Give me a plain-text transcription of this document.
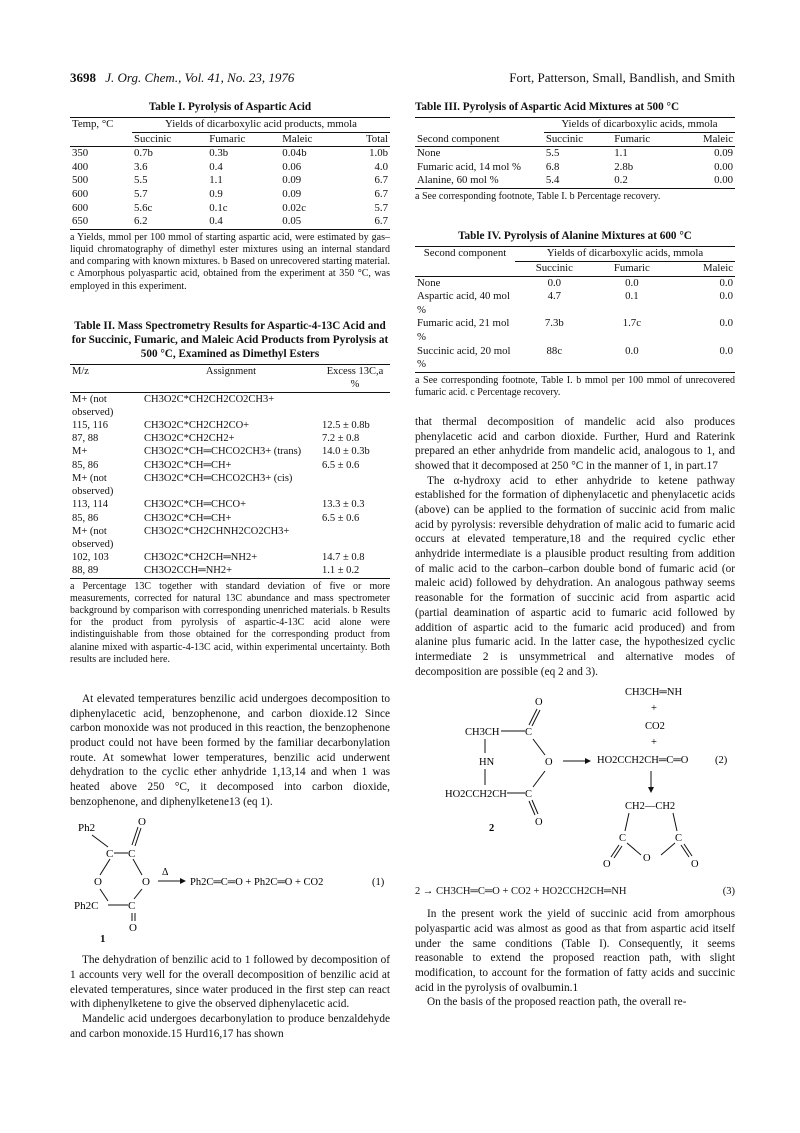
3698 J. Org. Chem., Vol. 41, No. 23, 1976	Fort, Patterson, Small, Bandlish, and Smith
Table I. Pyrolysis of Aspartic Acid
Temp, °C	Yields of dicarboxylic acid products, mmola			
	Succinic	Fumaric	Maleic	Total
350	0.7b	0.3b	0.04b	1.0b
400	3.6	0.4	0.06	4.0
500	5.5	1.1	0.09	6.7
600	5.7	0.9	0.09	6.7
600	5.6c	0.1c	0.02c	5.7
650	6.2	0.4	0.05	6.7
a Yields, mmol per 100 mmol of starting aspartic acid, were estimated by gas–liquid chromatography of dimethyl ester mixtures using an internal standard and comparing with known mixtures. b Based on unrecovered starting material. c Amorphous polyaspartic acid, obtained from the experiment at 350 °C, was employed in this experiment.
Table II. Mass Spectrometry Results for Aspartic-4-13C Acid and for Succinic, Fumaric, and Maleic Acid Products from Pyrolysis at 500 °C, Examined as Dimethyl Esters
M/z	Assignment	Excess 13C,a %
M+ (not observed)	CH3O2C*CH2CH2CO2CH3+	
115, 116	CH3O2C*CH2CH2CO+	12.5 ± 0.8b
87, 88	CH3O2C*CH2CH2+	7.2 ± 0.8
M+	CH3O2C*CH═CHCO2CH3+ (trans)	14.0 ± 0.3b
85, 86	CH3O2C*CH═CH+	6.5 ± 0.6
M+ (not observed)	CH3O2C*CH═CHCO2CH3+ (cis)	
113, 114	CH3O2C*CH═CHCO+	13.3 ± 0.3
85, 86	CH3O2C*CH═CH+	6.5 ± 0.6
M+ (not observed)	CH3O2C*CH2CHNH2CO2CH3+	
102, 103	CH3O2C*CH2CH═NH2+	14.7 ± 0.8
88, 89	CH3O2CCH═NH2+	1.1 ± 0.2
a Percentage 13C together with standard deviation of five or more measurements, corrected for natural 13C abundance and mass spectrometer background by comparison with corresponding unenriched materials. b Results for the product from pyrolysis of aspartic-4-13C acid alone were indistinguishable from those obtained for the corresponding product from alanine mixed with aspartic-4-13C acid, within experimental uncertainty. Both results are included here.

At elevated temperatures benzilic acid undergoes decomposition to diphenylacetic acid, benzophenone, and carbon dioxide.12 Since carbon monoxide was not produced in this reaction, the benzophenone product could not have been formed by the familiar decarbonylation route. At somewhat lower temperatures, benzilic acid underwent dehydration to the cyclic ether anhydride 1,13,14 and when 1 was heated above 250 °C, it decomposed into carbon dioxide, benzophenone, and diphenylketene13 (eq 1).

Ph2
C C
O
O	O
Ph2C	C
O
Δ
Ph2C═C═O + Ph2C═O + CO2	(1)
1

The dehydration of benzilic acid to 1 followed by decomposition of 1 accounts very well for the overall decomposition of benzilic acid at elevated temperatures, since water produced in the first step can react with diphenylketene to give the observed diphenylacetic acid.

Mandelic acid undergoes decarbonylation to produce benzaldehyde and carbon monoxide.15 Hurd16,17 has shown

Table III. Pyrolysis of Aspartic Acid Mixtures at 500 °C
Second component	Yields of dicarboxylic acids, mmola		
	Succinic	Fumaric	Maleic
None	5.5	1.1	0.09
Fumaric acid, 14 mol %	6.8	2.8b	0.00
Alanine, 60 mol %	5.4	0.2	0.00
a See corresponding footnote, Table I. b Percentage recovery.
Table IV. Pyrolysis of Alanine Mixtures at 600 °C
Second component	Yields of dicarboxylic acids, mmola		
	Succinic	Fumaric	Maleic
None	0.0	0.0	0.0
Aspartic acid, 40 mol %	4.7	0.1	0.0
Fumaric acid, 21 mol %	7.3b	1.7c	0.0
Succinic acid, 20 mol %	88c	0.0	0.0
a See corresponding footnote, Table I. b mmol per 100 mmol of unrecovered fumaric acid. c Percentage recovery.

that thermal decomposition of mandelic acid also produces phenylacetic acid and carbon dioxide. Further, Hurd and Raterink prepared an ether anhydride from mandelic acid, analogous to 1, and showed that it decomposed at 250 °C in the manner of 1, in part.17

The α-hydroxy acid to ether anhydride to ketene pathway established for the formation of diphenylacetic and phenylacetic acids (above) can be applied to the formation of succinic acid from malic acid by pyrolysis: reversible dehydration of malic acid to fumaric acid occurs at elevated temperature,18 and the required cyclic ether anhydride intermediate is a plausible product resulting from addition of malic acid to the carbon–carbon double bond of fumaric acid (or maleic acid) followed by dehydration. An analogous pathway seems reasonable for the formation of succinic acid from aspartic acid (partial deamination of aspartic acid to fumaric acid followed by addition of aspartic acid to the fumaric acid produced) and from alanine plus fumaric acid. In the latter case, the hypothesized cyclic intermediate 2 is unsymmetrical and alternative modes of decomposition are possible (eq 2 and 3).

CH3CH═NH
+
CO2
+
HO2CCH2CH═C═O	(2)
CH3CH C
O
HN	O
HO2CCH2CH C
O
2
CH2—CH2
C	C
O
O	O
2 → CH3CH═C═O + CO2 + HO2CCH2CH═NH	(3)

In the present work the yield of succinic acid from amorphous polyaspartic acid was almost as good as that from aspartic acid itself under the same conditions (Table I). Consequently, it seems reasonable to extend the proposed reaction path, with slight modification, to account for the formation of fatty acids and succinic acid in the pyrolysis of ovalbumin.1

On the basis of the proposed reaction path, the overall re-
